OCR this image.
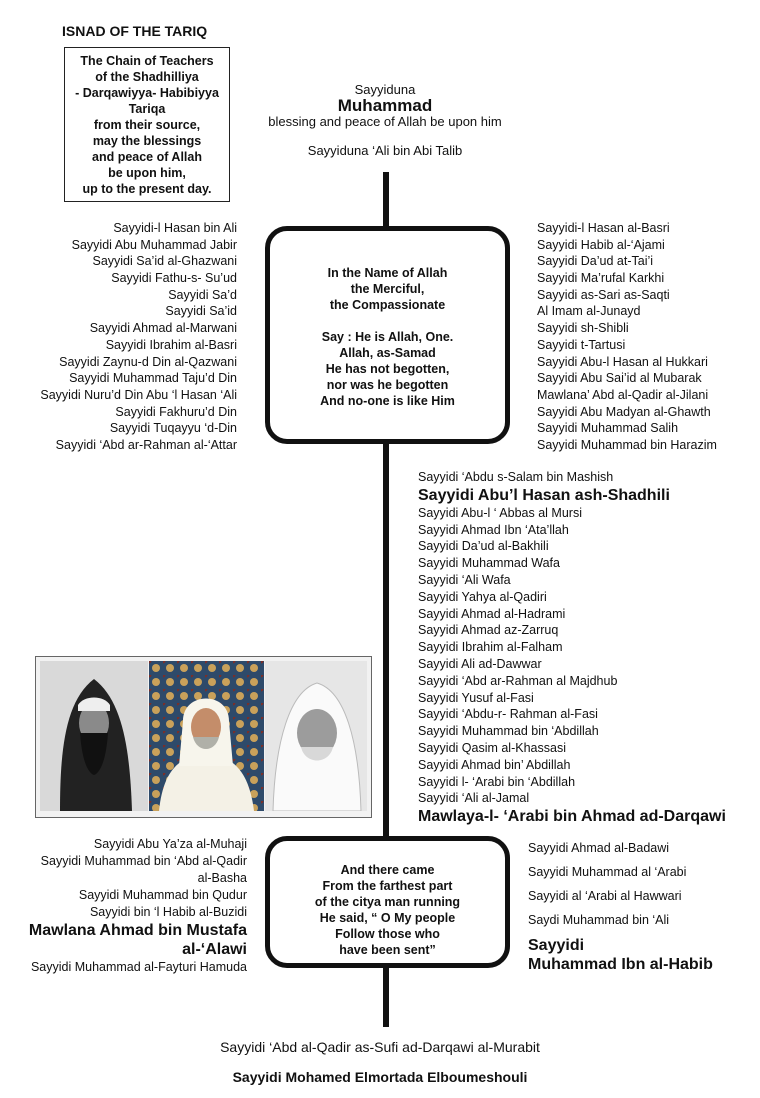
ISNAD OF THE TARIQ
The Chain of Teachers
of the Shadhilliya
- Darqawiyya- Habibiyya
Tariqa
from their source,
may the blessings
and peace of Allah
be upon him,
up to the present day.
Sayyiduna
Muhammad
blessing and peace of Allah be upon him
Sayyiduna ‘Ali bin Abi Talib
In the Name of Allah
the Merciful,
the Compassionate
Say : He is Allah, One.
Allah, as-Samad
He has not begotten,
nor was he begotten
And no-one is like Him
Sayyidi-l Hasan bin Ali
Sayyidi Abu Muhammad Jabir
Sayyidi Sa’id al-Ghazwani
Sayyidi Fathu-s- Su’ud
Sayyidi Sa’d
Sayyidi Sa’id
Sayyidi Ahmad al-Marwani
Sayyidi Ibrahim al-Basri
Sayyidi Zaynu-d Din al-Qazwani
Sayyidi Muhammad Taju’d Din
Sayyidi Nuru’d Din Abu ‘l Hasan ‘Ali
Sayyidi Fakhuru’d Din
Sayyidi Tuqayyu ‘d-Din
Sayyidi ‘Abd ar-Rahman al-‘Attar
Sayyidi-l Hasan al-Basri
Sayyidi Habib al-‘Ajami
Sayyidi Da’ud at-Tai’i
Sayyidi Ma’rufal Karkhi
Sayyidi as-Sari as-Saqti
Al Imam al-Junayd
Sayyidi sh-Shibli
Sayyidi t-Tartusi
Sayyidi Abu-l Hasan al Hukkari
Sayyidi Abu Sai’id al Mubarak
Mawlana’ Abd al-Qadir al-Jilani
Sayyidi Abu Madyan al-Ghawth
Sayyidi Muhammad Salih
Sayyidi Muhammad bin Harazim
Sayyidi ‘Abdu s-Salam bin Mashish
Sayyidi Abu’l Hasan ash-Shadhili
Sayyidi Abu-l ‘ Abbas al Mursi
Sayyidi Ahmad Ibn ‘Ata’llah
Sayyidi Da’ud al-Bakhili
Sayyidi Muhammad Wafa
Sayyidi ‘Ali Wafa
Sayyidi Yahya al-Qadiri
Sayyidi Ahmad al-Hadrami
Sayyidi Ahmad az-Zarruq
Sayyidi Ibrahim al-Falham
Sayyidi Ali ad-Dawwar
Sayyidi ‘Abd ar-Rahman al Majdhub
Sayyidi Yusuf al-Fasi
Sayyidi ‘Abdu-r- Rahman al-Fasi
Sayyidi Muhammad bin ‘Abdillah
Sayyidi Qasim al-Khassasi
Sayyidi Ahmad bin’ Abdillah
Sayyidi l- ‘Arabi bin ‘Abdillah
Sayyidi ‘Ali al-Jamal
Mawlaya-l- ‘Arabi bin Ahmad ad-Darqawi
And there came
From the farthest part
of the citya man running
He said, “ O My people
Follow those who
have been sent”
Sayyidi Abu Ya’za al-Muhaji
Sayyidi Muhammad bin ‘Abd al-Qadir
al-Basha
Sayyidi Muhammad bin Qudur
Sayyidi bin ‘l Habib al-Buzidi
Mawlana Ahmad bin Mustafa
al-‘Alawi
Sayyidi Muhammad al-Fayturi Hamuda
Sayyidi Ahmad al-Badawi
Sayyidi Muhammad al ‘Arabi
Sayyidi al ‘Arabi al Hawwari
Saydi Muhammad bin ‘Ali
Sayyidi
Muhammad Ibn al-Habib
Sayyidi ‘Abd al-Qadir as-Sufi ad-Darqawi al-Murabit
Sayyidi Mohamed Elmortada Elboumeshouli
